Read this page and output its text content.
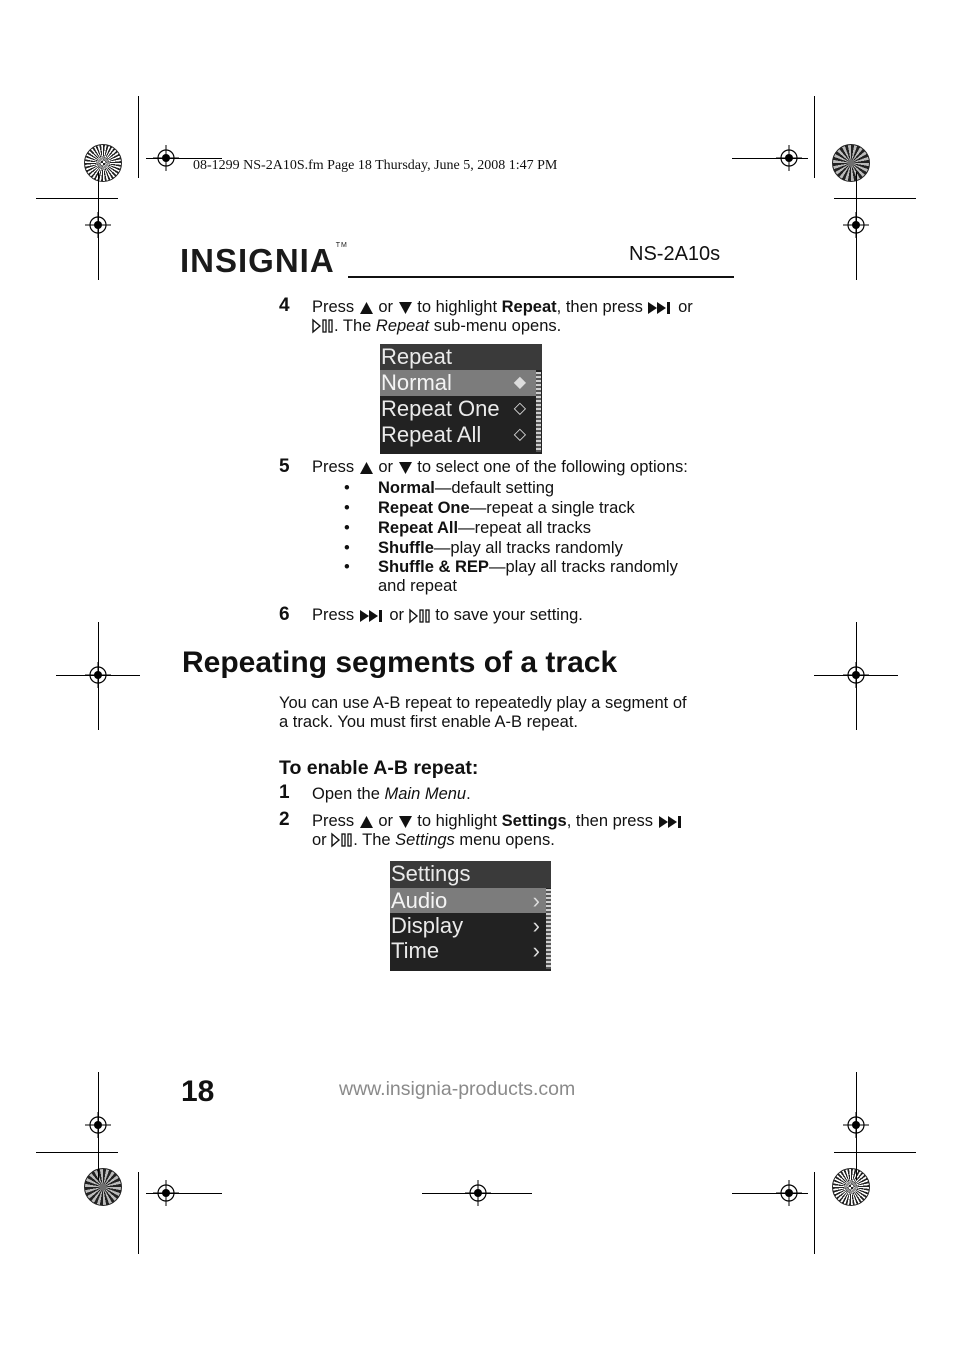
08-1299 NS-2A10S.fm Page 18 Thursday, June 5, 2008 1:47 PM
INSIGNIA™	NS-2A10s
4 Press or to highlight Repeat, then press or
. The Repeat sub-menu opens.
Repeat
Normal	◆
Repeat One ◇
Repeat All ◇
5 Press or to select one of the following options:
• Normal—default setting
• Repeat One—repeat a single track
• Repeat All—repeat all tracks
• Shuffle—play all tracks randomly
• Shuffle & REP—play all tracks randomly
and repeat
6 Press or to save your setting.
Repeating segments of a track
You can use A-B repeat to repeatedly play a segment of
a track. You must first enable A-B repeat.
To enable A-B repeat:
1 Open the Main Menu.
2 Press or to highlight Settings, then press
or . The Settings menu opens.
Settings
Audio	›
Display	›
Time	›
18	www.insignia-products.com
